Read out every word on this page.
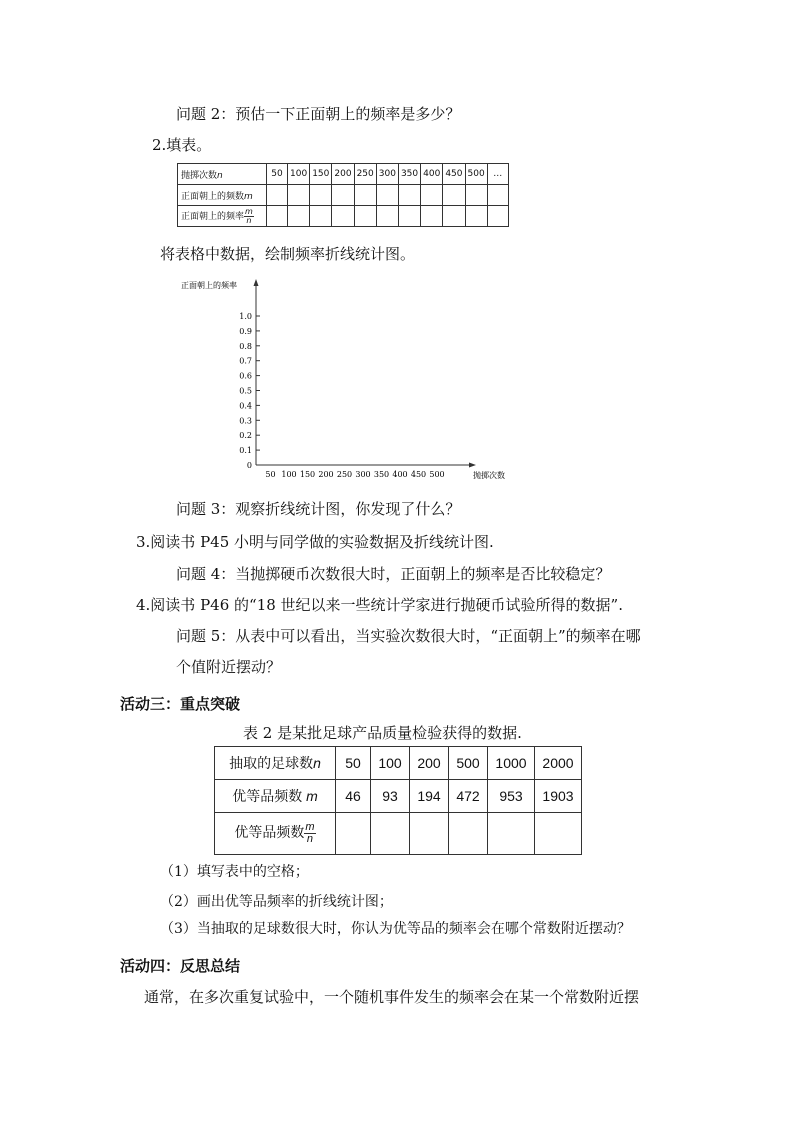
问题 2：预估一下正面朝上的频率是多少？
2.填表。
抛掷次数n	50	100	150	200	250	300	350	400	450	500	…
正面朝上的频数m											
正面朝上的频率 $\frac{m}{n}$

将表格中数据，绘制频率折线统计图。
正面朝上的频率
抛掷次数
1.0
0.9
0.8
0.7
0.6
0.5
0.4
0.3
0.2
0.1
0
50 100 150 200 250 300 350 400 450 500
问题 3：观察折线统计图，你发现了什么？
3.阅读书 P45 小明与同学做的实验数据及折线统计图.
问题 4：当抛掷硬币次数很大时，正面朝上的频率是否比较稳定？
4.阅读书 P46 的“18 世纪以来一些统计学家进行抛硬币试验所得的数据”.
问题 5：从表中可以看出，当实验次数很大时，“正面朝上”的频率在哪
个值附近摆动？
活动三：重点突破
表 2 是某批足球产品质量检验获得的数据.
抽取的足球数n	50	100	200	500	1000	2000
优等品频数 m	46	93	194	472	953	1903
优等品频数 $\frac{m}{n}$

（1）填写表中的空格；
（2）画出优等品频率的折线统计图；
（3）当抽取的足球数很大时，你认为优等品的频率会在哪个常数附近摆动？
活动四：反思总结
通常，在多次重复试验中，一个随机事件发生的频率会在某一个常数附近摆
